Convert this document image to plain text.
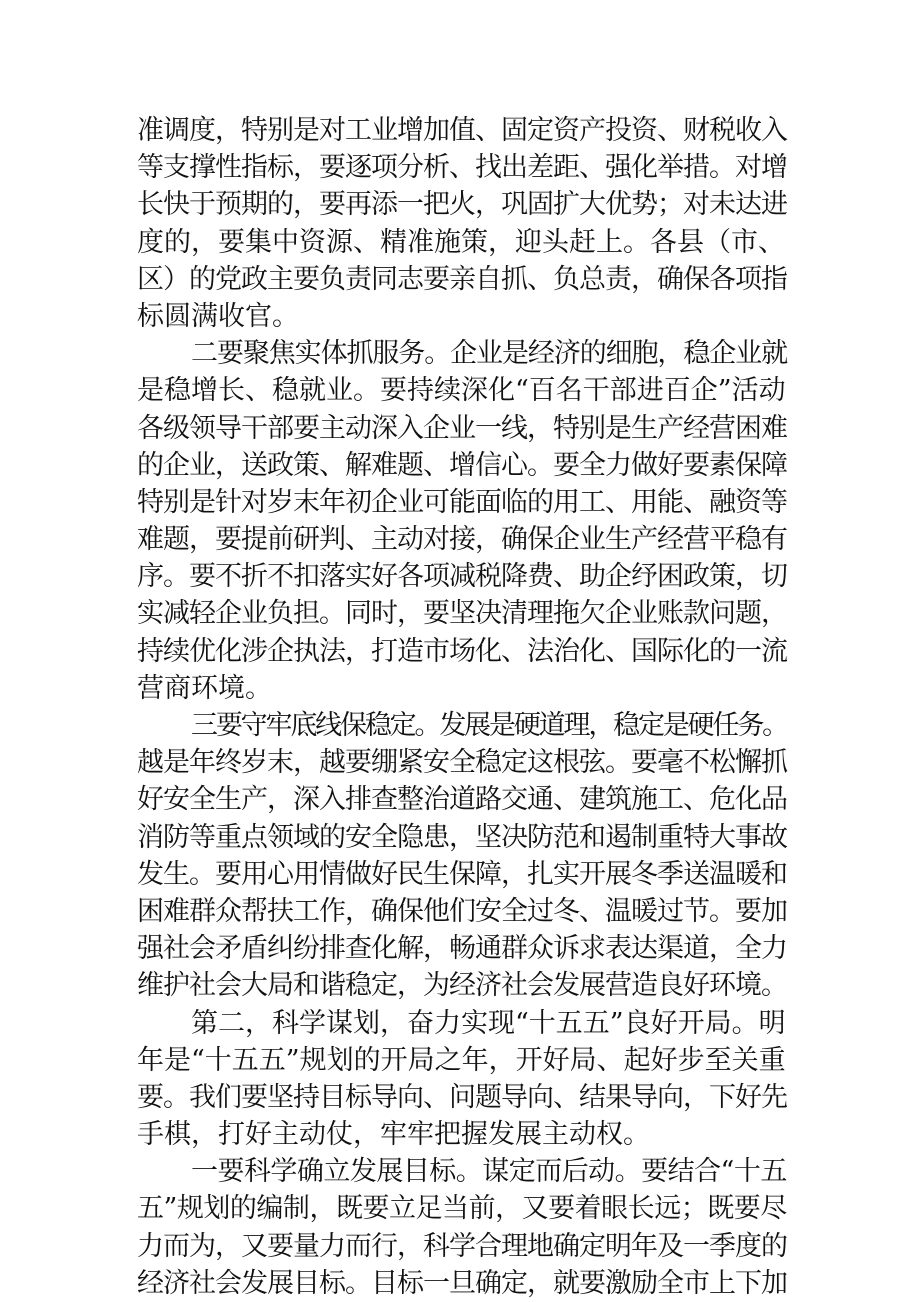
准调度，特别是对工业增加值、固定资产投资、财税收入
等支撑性指标，要逐项分析、找出差距、强化举措。对增
长快于预期的，要再添一把火，巩固扩大优势；对未达进
度的，要集中资源、精准施策，迎头赶上。各县（市、
区）的党政主要负责同志要亲自抓、负总责，确保各项指
标圆满收官。
二要聚焦实体抓服务。企业是经济的细胞，稳企业就
是稳增长、稳就业。要持续深化“百名干部进百企”活动
各级领导干部要主动深入企业一线，特别是生产经营困难
的企业，送政策、解难题、增信心。要全力做好要素保障
特别是针对岁末年初企业可能面临的用工、用能、融资等
难题，要提前研判、主动对接，确保企业生产经营平稳有
序。要不折不扣落实好各项减税降费、助企纾困政策，切
实减轻企业负担。同时，要坚决清理拖欠企业账款问题，
持续优化涉企执法，打造市场化、法治化、国际化的一流
营商环境。
三要守牢底线保稳定。发展是硬道理，稳定是硬任务。
越是年终岁末，越要绷紧安全稳定这根弦。要毫不松懈抓
好安全生产，深入排查整治道路交通、建筑施工、危化品
消防等重点领域的安全隐患，坚决防范和遏制重特大事故
发生。要用心用情做好民生保障，扎实开展冬季送温暖和
困难群众帮扶工作，确保他们安全过冬、温暖过节。要加
强社会矛盾纠纷排查化解，畅通群众诉求表达渠道，全力
维护社会大局和谐稳定，为经济社会发展营造良好环境。
第二，科学谋划，奋力实现“十五五”良好开局。明
年是“十五五”规划的开局之年，开好局、起好步至关重
要。我们要坚持目标导向、问题导向、结果导向，下好先
手棋，打好主动仗，牢牢把握发展主动权。
一要科学确立发展目标。谋定而后动。要结合“十五
五”规划的编制，既要立足当前，又要着眼长远；既要尽
力而为，又要量力而行，科学合理地确定明年及一季度的
经济社会发展目标。目标一旦确定，就要激励全市上下加
